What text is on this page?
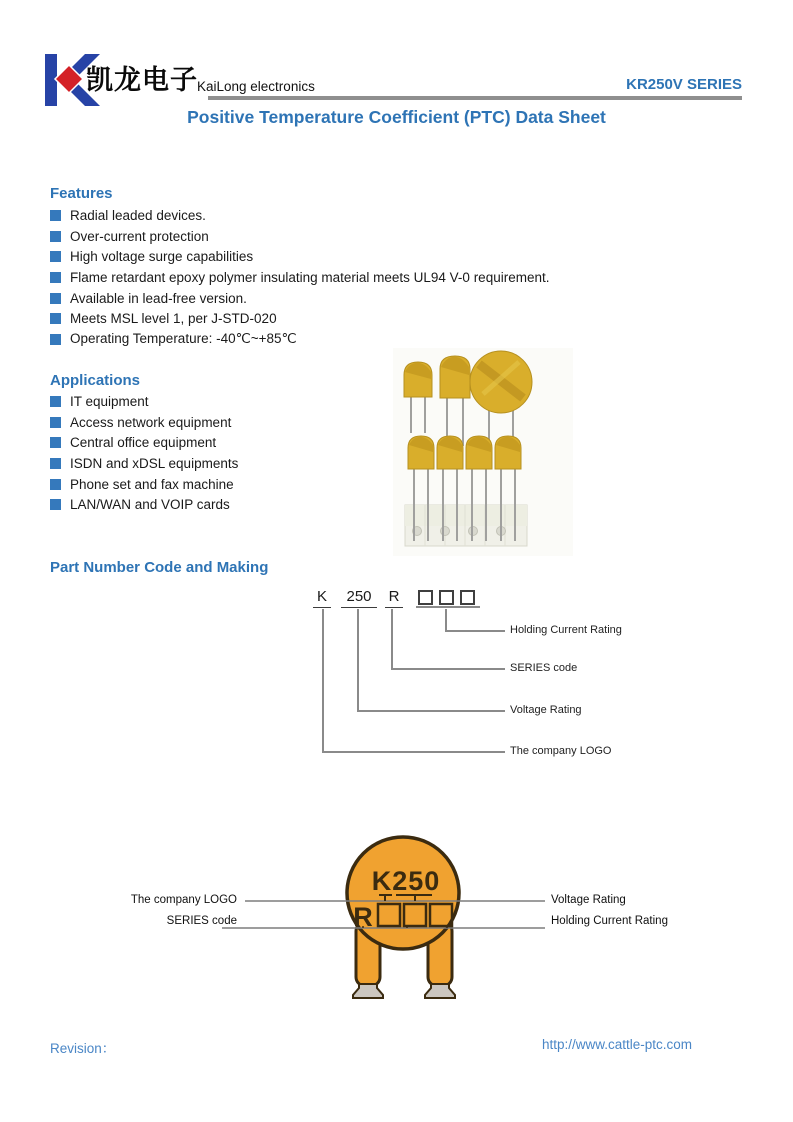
凯龙电子 KaiLong electronics	KR250V SERIES
Positive Temperature Coefficient (PTC) Data Sheet
Features
Radial leaded devices.
Over-current protection
High voltage surge capabilities
Flame retardant epoxy polymer insulating material meets UL94 V-0 requirement.
Available in lead-free version.
Meets MSL level 1, per J-STD-020
Operating Temperature: -40℃~+85℃
Applications
IT equipment
Access network equipment
Central office equipment
ISDN and xDSL equipments
Phone set and fax machine
LAN/WAN and VOIP cards
Part Number Code and Making
K	250	R
Holding Current Rating
SERIES code
Voltage Rating
The company LOGO
K250
R
The company LOGO
SERIES code
Voltage Rating
Holding Current Rating
Revision：	http://www.cattle-ptc.com
